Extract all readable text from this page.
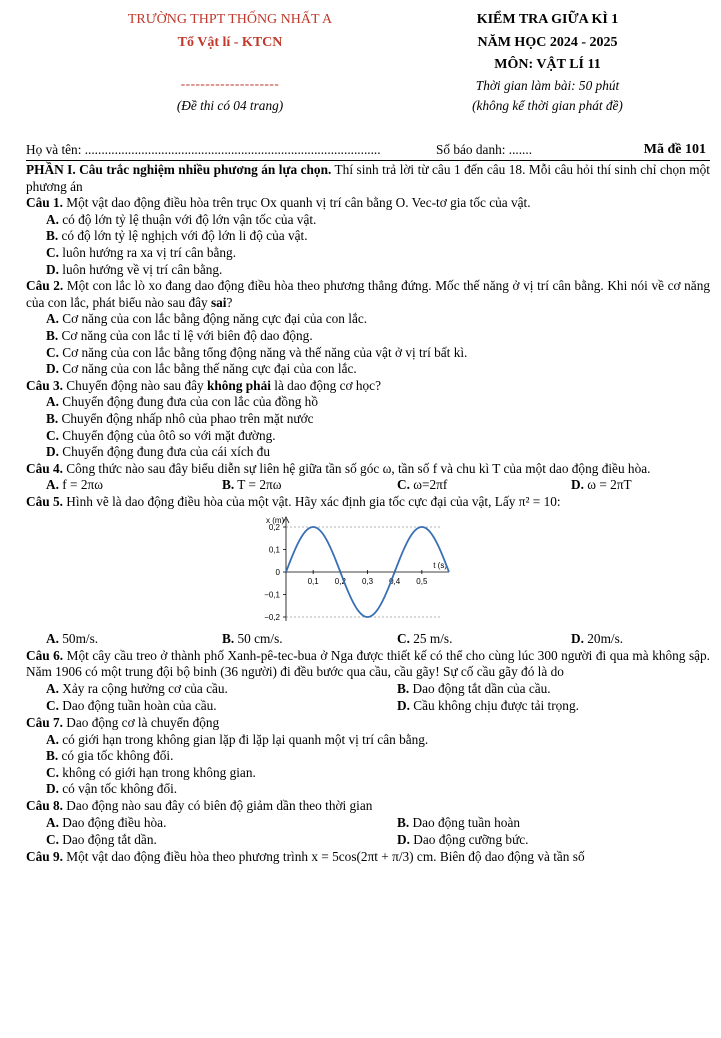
TRƯỜNG THPT THỐNG NHẤT A
Tổ Vật lí - KTCN
--------------------
(Đề thi có 04 trang)
KIỂM TRA GIỮA KÌ 1
NĂM HỌC 2024 - 2025
MÔN: VẬT LÍ 11
Thời gian làm bài: 50 phút
(không kể thời gian phát đề)
Họ và tên: .........................................................................................	Số báo danh: .......	Mã đề 101

PHẦN I. Câu trắc nghiệm nhiều phương án lựa chọn. Thí sinh trả lời từ câu 1 đến câu 18. Mỗi câu hỏi thí sinh chỉ chọn một phương án

Câu 1. Một vật dao động điều hòa trên trục Ox quanh vị trí cân bằng O. Vec-tơ gia tốc của vật.

A. có độ lớn tỷ lệ thuận với độ lớn vận tốc của vật.

B. có độ lớn tỷ lệ nghịch với độ lớn li độ của vật.

C. luôn hướng ra xa vị trí cân bằng.

D. luôn hướng về vị trí cân bằng.

Câu 2. Một con lắc lò xo đang dao động điều hòa theo phương thẳng đứng. Mốc thế năng ở vị trí cân bằng. Khi nói về cơ năng của con lắc, phát biểu nào sau đây sai?

A. Cơ năng của con lắc bằng động năng cực đại của con lắc.

B. Cơ năng của con lắc tỉ lệ với biên độ dao động.

C. Cơ năng của con lắc bằng tổng động năng và thế năng của vật ở vị trí bất kì.

D. Cơ năng của con lắc bằng thế năng cực đại của con lắc.

Câu 3. Chuyển động nào sau đây không phải là dao động cơ học?

A. Chuyển động đung đưa của con lắc của đồng hồ

B. Chuyển động nhấp nhô của phao trên mặt nước

C. Chuyển động của ôtô so với mặt đường.

D. Chuyển động đung đưa của cái xích đu

Câu 4. Công thức nào sau đây biểu diễn sự liên hệ giữa tần số góc ω, tần số f và chu kì T của một dao động điều hòa.

A. f = 2πω	B. T = 2πω	C. ω=2πf	D. ω = 2πT

Câu 5. Hình vẽ là dao động điều hòa của một vật. Hãy xác định gia tốc cực đại của vật, Lấy π² = 10:

0,2
0,1
0
−0,1
−0,2
0,1 0,2 0,3 0,4 0,5
t (s)
x (m)
A. 50m/s.	B. 50 cm/s.	C. 25 m/s.	D. 20m/s.

Câu 6. Một cây cầu treo ở thành phố Xanh-pê-tec-bua ở Nga được thiết kế có thể cho cùng lúc 300 người đi qua mà không sập. Năm 1906 có một trung đội bộ binh (36 người) đi đều bước qua cầu, cầu gãy! Sự cố cầu gãy đó là do

A. Xảy ra cộng hưởng cơ của cầu.	B. Dao động tắt dần của cầu.
C. Dao động tuần hoàn của cầu.	D. Cầu không chịu được tải trọng.

Câu 7. Dao động cơ là chuyển động

A. có giới hạn trong không gian lặp đi lặp lại quanh một vị trí cân bằng.

B. có gia tốc không đổi.

C. không có giới hạn trong không gian.

D. có vận tốc không đổi.

Câu 8. Dao động nào sau đây có biên độ giảm dần theo thời gian

A. Dao động điều hòa.	B. Dao động tuần hoàn
C. Dao động tắt dần.	D. Dao động cưỡng bức.

Câu 9. Một vật dao động điều hòa theo phương trình x = 5cos(2πt + π/3) cm. Biên độ dao động và tần số
